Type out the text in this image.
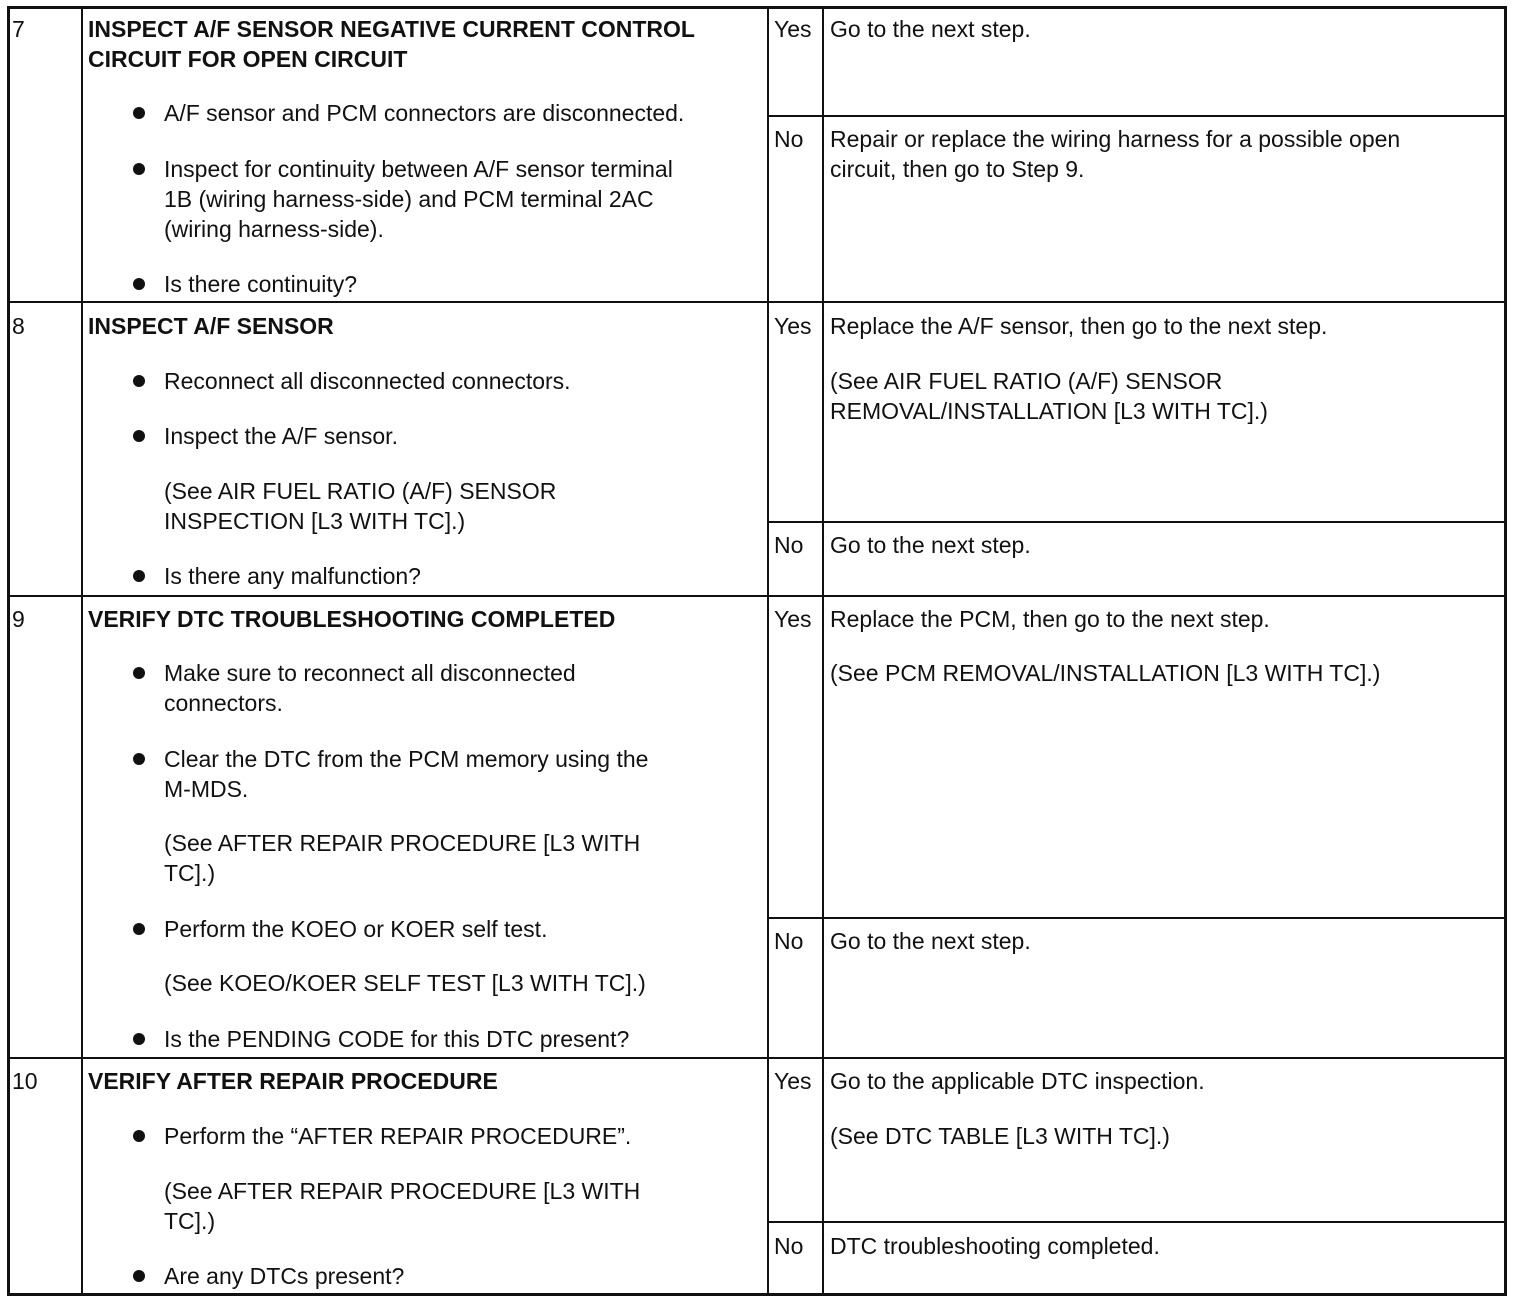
7	INSPECT A/F SENSOR NEGATIVE CURRENT CONTROL
CIRCUIT FOR OPEN CIRCUIT
A/F sensor and PCM connectors are disconnected.
Inspect for continuity between A/F sensor terminal
1B (wiring harness-side) and PCM terminal 2AC
(wiring harness-side).
Is there continuity?
Yes Go to the next step.
No Repair or replace the wiring harness for a possible open
circuit, then go to Step 9.
8	INSPECT A/F SENSOR
Reconnect all disconnected connectors.
Inspect the A/F sensor.
(See AIR FUEL RATIO (A/F) SENSOR
INSPECTION [L3 WITH TC].)
Is there any malfunction?
Yes Replace the A/F sensor, then go to the next step.
(See AIR FUEL RATIO (A/F) SENSOR
REMOVAL/INSTALLATION [L3 WITH TC].)
No Go to the next step.
9	VERIFY DTC TROUBLESHOOTING COMPLETED
Make sure to reconnect all disconnected
connectors.
Clear the DTC from the PCM memory using the
M-MDS.
(See AFTER REPAIR PROCEDURE [L3 WITH
TC].)
Perform the KOEO or KOER self test.
(See KOEO/KOER SELF TEST [L3 WITH TC].)
Is the PENDING CODE for this DTC present?
Yes Replace the PCM, then go to the next step.
(See PCM REMOVAL/INSTALLATION [L3 WITH TC].)
No Go to the next step.
10 VERIFY AFTER REPAIR PROCEDURE
Perform the “AFTER REPAIR PROCEDURE”.
(See AFTER REPAIR PROCEDURE [L3 WITH
TC].)
Are any DTCs present?
Yes Go to the applicable DTC inspection.
(See DTC TABLE [L3 WITH TC].)
No DTC troubleshooting completed.
